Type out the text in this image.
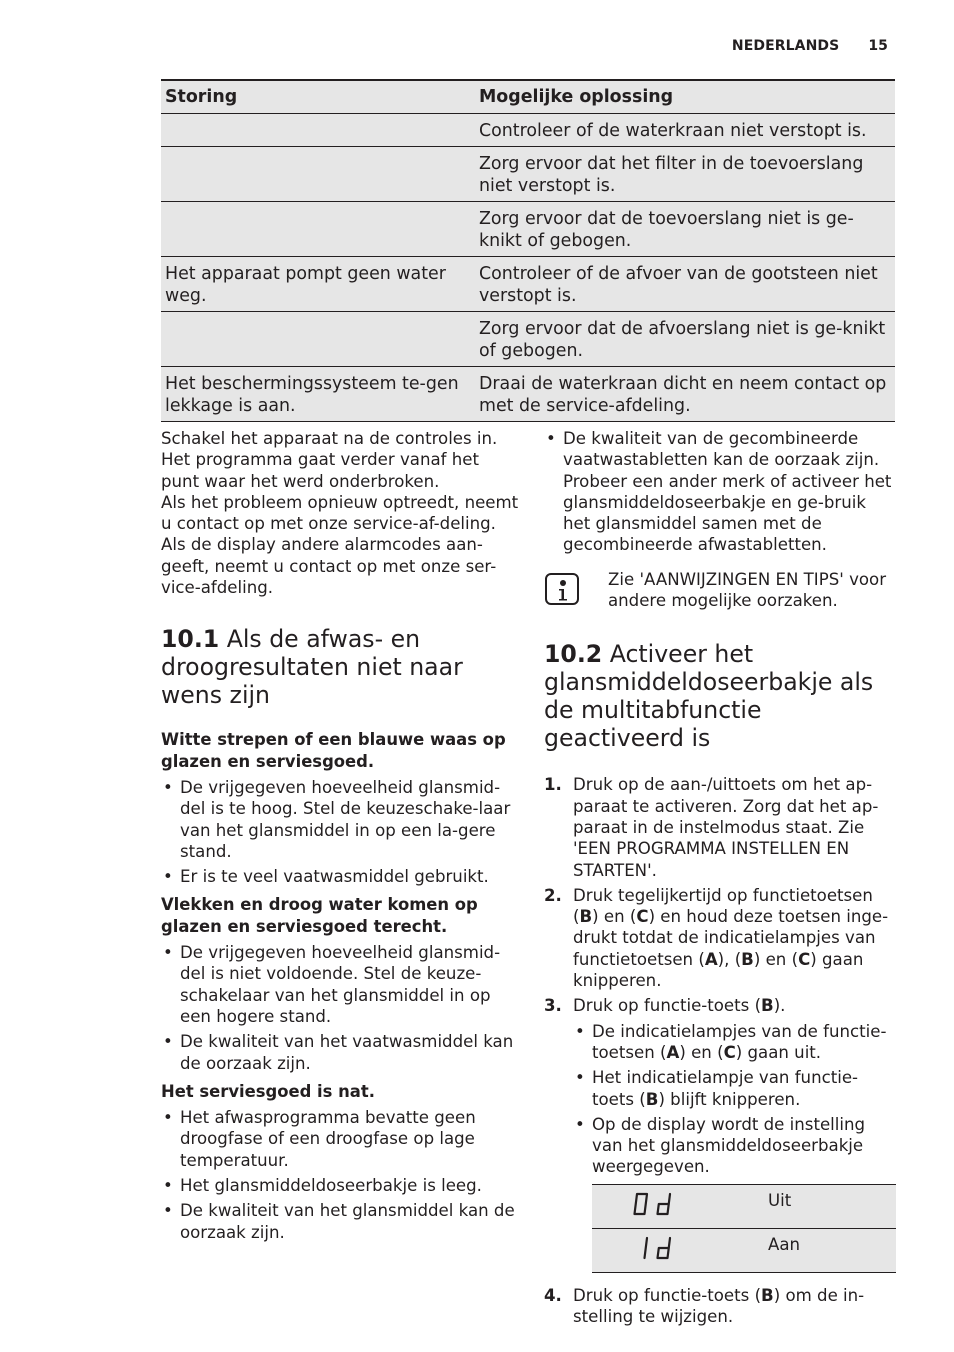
NEDERLANDS 15
Storing	Mogelijke oplossing
	Controleer of de waterkraan niet verstopt is.
	Zorg ervoor dat het filter in de toevoerslang niet verstopt is.
	Zorg ervoor dat de toevoerslang niet is ge-knikt of gebogen.
Het apparaat pompt geen water weg.	Controleer of de afvoer van de gootsteen niet verstopt is.
	Zorg ervoor dat de afvoerslang niet is ge-knikt of gebogen.
Het beschermingssysteem te-gen lekkage is aan.	Draai de waterkraan dicht en neem contact op met de service-afdeling.

Schakel het apparaat na de controles in.

Het programma gaat verder vanaf het punt waar het werd onderbroken.

Als het probleem opnieuw optreedt, neemt u contact op met onze service-af-deling.

Als de display andere alarmcodes aan-geeft, neemt u contact op met onze ser-vice-afdeling.

10.1 Als de afwas- en droogresultaten niet naar wens zijn
Witte strepen of een blauwe waas op glazen en serviesgoed.
• De vrijgegeven hoeveelheid glansmid-del is te hoog. Stel de keuzeschake-laar van het glansmiddel in op een la-gere stand.
• Er is te veel vaatwasmiddel gebruikt.
Vlekken en droog water komen op glazen en serviesgoed terecht.
• De vrijgegeven hoeveelheid glansmid-del is niet voldoende. Stel de keuze-schakelaar van het glansmiddel in op een hogere stand.
• De kwaliteit van het vaatwasmiddel kan de oorzaak zijn.
Het serviesgoed is nat.
• Het afwasprogramma bevatte geen droogfase of een droogfase op lage temperatuur.
• Het glansmiddeldoseerbakje is leeg.
• De kwaliteit van het glansmiddel kan de oorzaak zijn.
• De kwaliteit van de gecombineerde vaatwastabletten kan de oorzaak zijn. Probeer een ander merk of activeer het glansmiddeldoseerbakje en ge-bruik het glansmiddel samen met de gecombineerde afwastabletten.

Zie 'AANWIJZINGEN EN TIPS' voor andere mogelijke oorzaken.

10.2 Activeer het glansmiddeldoseerbakje als de multitabfunctie geactiveerd is
1. Druk op de aan-/uittoets om het ap-paraat te activeren. Zorg dat het ap-paraat in de instelmodus staat. Zie 'EEN PROGRAMMA INSTELLEN EN STARTEN'.
2. Druk tegelijkertijd op functietoetsen (B) en (C) en houd deze toetsen inge-drukt totdat de indicatielampjes van functietoetsen (A), (B) en (C) gaan knipperen.
3. Druk op functie-toets (B).
• De indicatielampjes van de functie-toetsen (A) en (C) gaan uit.
• Het indicatielampje van functie-toets (B) blijft knipperen.
• Op de display wordt de instelling van het glansmiddeldoseerbakje weergegeven.
	Uit
	Aan
4. Druk op functie-toets (B) om de in-stelling te wijzigen.
